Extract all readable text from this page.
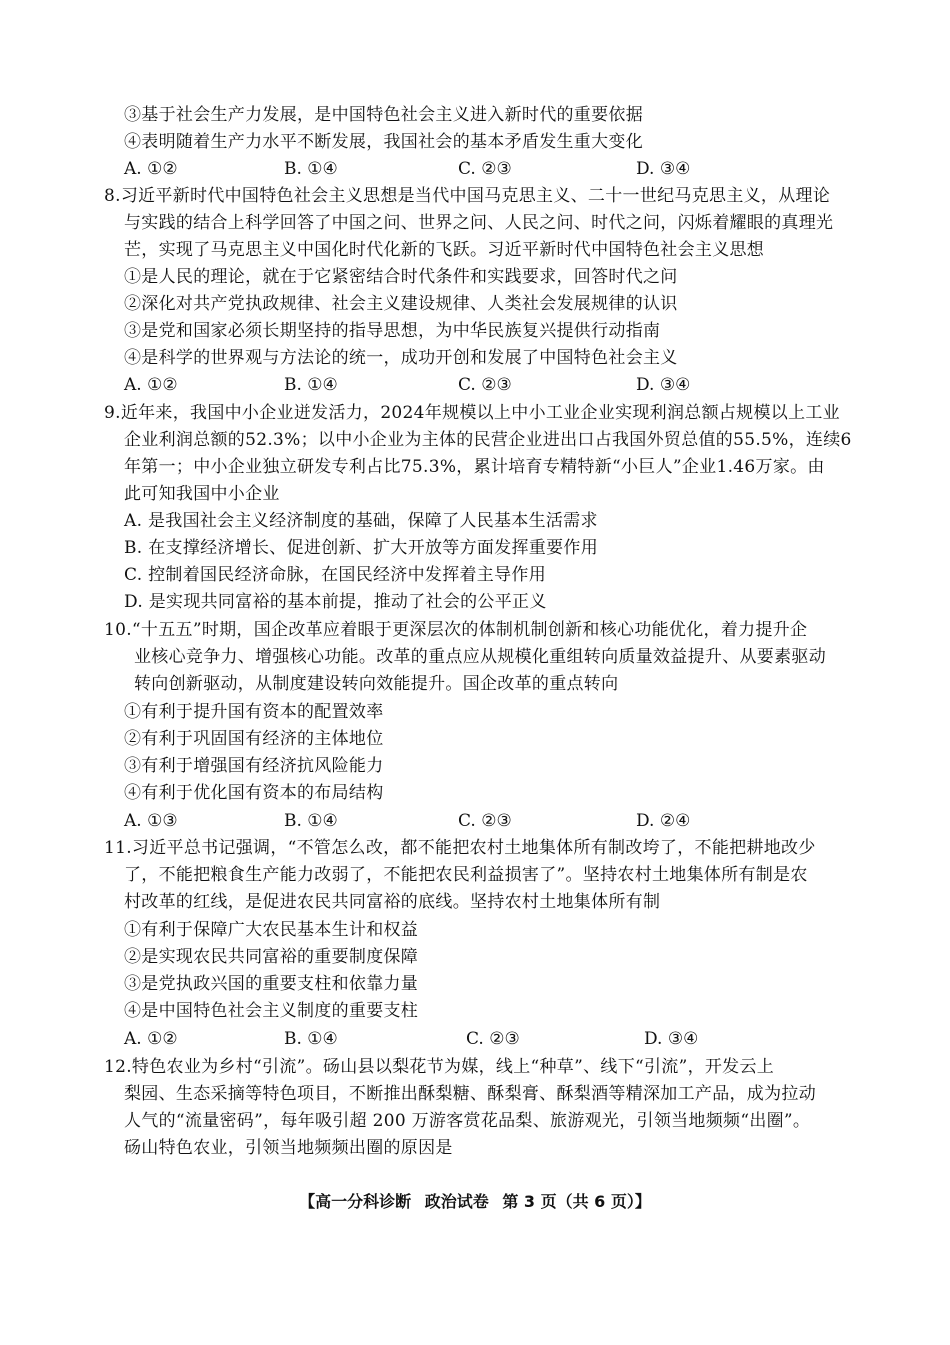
③基于社会生产力发展，是中国特色社会主义进入新时代的重要依据
④表明随着生产力水平不断发展，我国社会的基本矛盾发生重大变化
A. ①②	B. ①④	C. ②③	D. ③④
8.习近平新时代中国特色社会主义思想是当代中国马克思主义、二十一世纪马克思主义，从理论
与实践的结合上科学回答了中国之问、世界之问、人民之问、时代之问，闪烁着耀眼的真理光
芒，实现了马克思主义中国化时代化新的飞跃。习近平新时代中国特色社会主义思想
①是人民的理论，就在于它紧密结合时代条件和实践要求，回答时代之问
②深化对共产党执政规律、社会主义建设规律、人类社会发展规律的认识
③是党和国家必须长期坚持的指导思想，为中华民族复兴提供行动指南
④是科学的世界观与方法论的统一，成功开创和发展了中国特色社会主义
A. ①②	B. ①④	C. ②③	D. ③④
9.近年来，我国中小企业迸发活力，2024年规模以上中小工业企业实现利润总额占规模以上工业
企业利润总额的52.3%；以中小企业为主体的民营企业进出口占我国外贸总值的55.5%，连续6
年第一；中小企业独立研发专利占比75.3%，累计培育专精特新“小巨人”企业1.46万家。由
此可知我国中小企业
A. 是我国社会主义经济制度的基础，保障了人民基本生活需求
B. 在支撑经济增长、促进创新、扩大开放等方面发挥重要作用
C. 控制着国民经济命脉，在国民经济中发挥着主导作用
D. 是实现共同富裕的基本前提，推动了社会的公平正义
10.“十五五”时期，国企改革应着眼于更深层次的体制机制创新和核心功能优化，着力提升企
业核心竞争力、增强核心功能。改革的重点应从规模化重组转向质量效益提升、从要素驱动
转向创新驱动，从制度建设转向效能提升。国企改革的重点转向
①有利于提升国有资本的配置效率
②有利于巩固国有经济的主体地位
③有利于增强国有经济抗风险能力
④有利于优化国有资本的布局结构
A. ①③	B. ①④	C. ②③	D. ②④
11.习近平总书记强调，“不管怎么改，都不能把农村土地集体所有制改垮了，不能把耕地改少
了，不能把粮食生产能力改弱了，不能把农民利益损害了”。坚持农村土地集体所有制是农
村改革的红线，是促进农民共同富裕的底线。坚持农村土地集体所有制
①有利于保障广大农民基本生计和权益
②是实现农民共同富裕的重要制度保障
③是党执政兴国的重要支柱和依靠力量
④是中国特色社会主义制度的重要支柱
A. ①②	B. ①④	C. ②③	D. ③④
12.特色农业为乡村“引流”。砀山县以梨花节为媒，线上“种草”、线下“引流”，开发云上
梨园、生态采摘等特色项目，不断推出酥梨糖、酥梨膏、酥梨酒等精深加工产品，成为拉动
人气的“流量密码”，每年吸引超 200 万游客赏花品梨、旅游观光，引领当地频频“出圈”。
砀山特色农业，引领当地频频出圈的原因是
【高一分科诊断 政治试卷 第 3 页（共 6 页）】
